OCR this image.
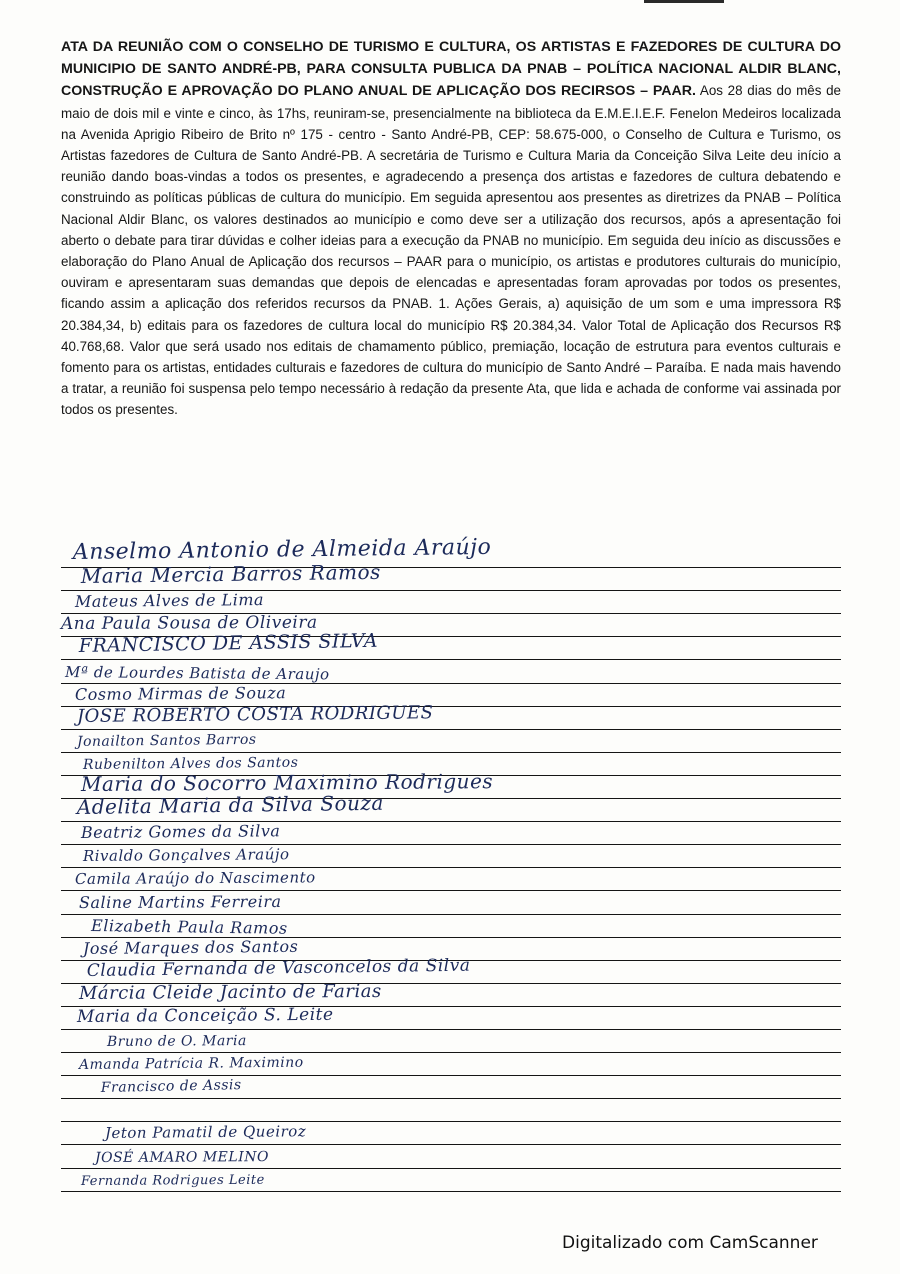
ATA DA REUNIÃO COM O CONSELHO DE TURISMO E CULTURA, OS ARTISTAS E FAZEDORES DE CULTURA DO MUNICIPIO DE SANTO ANDRÉ-PB, PARA CONSULTA PUBLICA DA PNAB – POLÍTICA NACIONAL ALDIR BLANC, CONSTRUÇÃO E APROVAÇÃO DO PLANO ANUAL DE APLICAÇÃO DOS RECIRSOS – PAAR. Aos 28 dias do mês de maio de dois mil e vinte e cinco, às 17hs, reuniram-se, presencialmente na biblioteca da E.M.E.I.E.F. Fenelon Medeiros localizada na Avenida Aprigio Ribeiro de Brito nº 175 - centro - Santo André-PB, CEP: 58.675-000, o Conselho de Cultura e Turismo, os Artistas fazedores de Cultura de Santo André-PB. A secretária de Turismo e Cultura Maria da Conceição Silva Leite deu início a reunião dando boas-vindas a todos os presentes, e agradecendo a presença dos artistas e fazedores de cultura debatendo e construindo as políticas públicas de cultura do município. Em seguida apresentou aos presentes as diretrizes da PNAB – Política Nacional Aldir Blanc, os valores destinados ao município e como deve ser a utilização dos recursos, após a apresentação foi aberto o debate para tirar dúvidas e colher ideias para a execução da PNAB no município. Em seguida deu início as discussões e elaboração do Plano Anual de Aplicação dos recursos – PAAR para o município, os artistas e produtores culturais do município, ouviram e apresentaram suas demandas que depois de elencadas e apresentadas foram aprovadas por todos os presentes, ficando assim a aplicação dos referidos recursos da PNAB. 1. Ações Gerais, a) aquisição de um som e uma impressora R$ 20.384,34, b) editais para os fazedores de cultura local do município R$ 20.384,34. Valor Total de Aplicação dos Recursos R$ 40.768,68. Valor que será usado nos editais de chamamento público, premiação, locação de estrutura para eventos culturais e fomento para os artistas, entidades culturais e fazedores de cultura do município de Santo André – Paraíba. E nada mais havendo a tratar, a reunião foi suspensa pelo tempo necessário à redação da presente Ata, que lida e achada de conforme vai assinada por todos os presentes.

Anselmo Antonio de Almeida Araújo
Maria Mercia Barros Ramos
Mateus Alves de Lima
Ana Paula Sousa de Oliveira
FRANCISCO DE ASSIS SILVA
Mª de Lourdes Batista de Araujo
Cosmo Mirmas de Souza
JOSE ROBERTO COSTA RODRIGUES
Jonailton Santos Barros
Rubenilton Alves dos Santos
Maria do Socorro Maximino Rodrigues
Adelita Maria da Silva Souza
Beatriz Gomes da Silva
Rivaldo Gonçalves Araújo
Camila Araújo do Nascimento
Saline Martins Ferreira
Elizabeth Paula Ramos
José Marques dos Santos
Claudia Fernanda de Vasconcelos da Silva
Márcia Cleide Jacinto de Farias
Maria da Conceição S. Leite
Bruno de O. Maria
Amanda Patrícia R. Maximino
Francisco de Assis
Jeton Pamatil de Queiroz
JOSÉ AMARO MELINO
Fernanda Rodrigues Leite
Digitalizado com CamScanner
